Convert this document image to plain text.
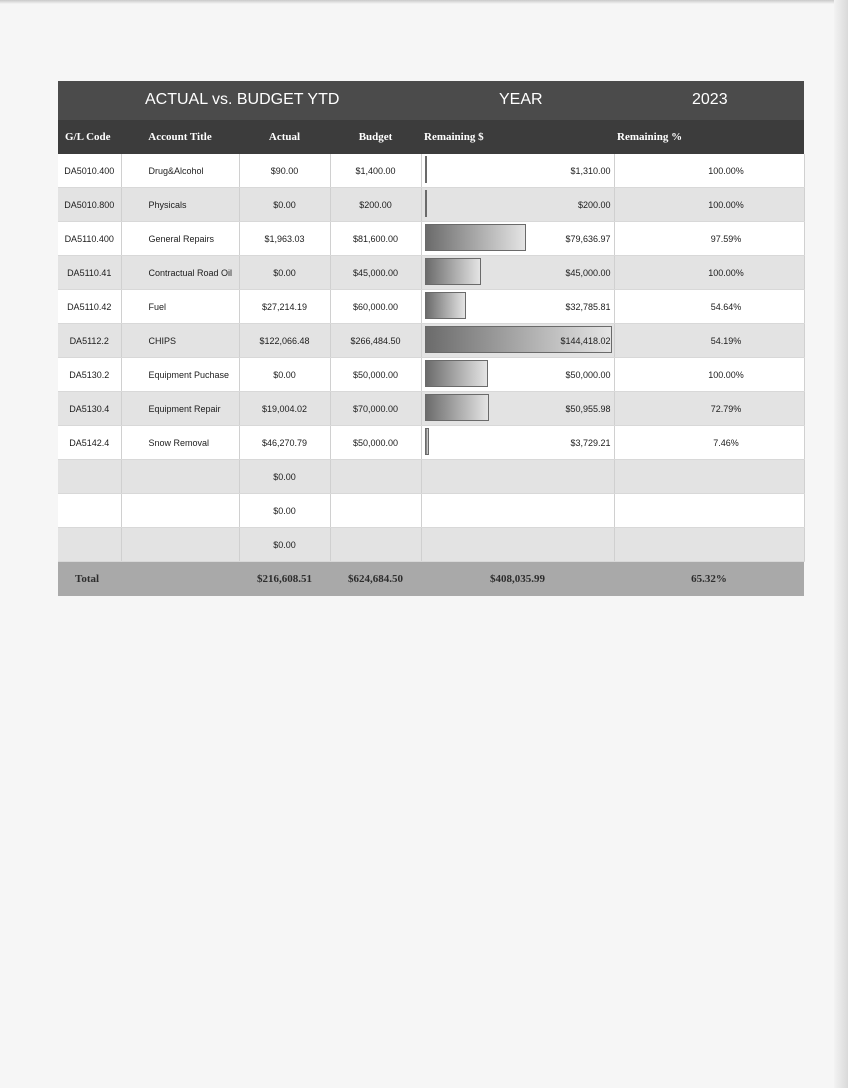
ACTUAL vs. BUDGET YTD	YEAR	2023
G/L Code	Account Title	Actual	Budget	Remaining $	Remaining %
DA5010.400	Drug&Alcohol	$90.00	$1,400.00	$1,310.00	100.00%
DA5010.800	Physicals	$0.00	$200.00	$200.00	100.00%
DA5110.400	General Repairs	$1,963.03	$81,600.00	$79,636.97	97.59%
DA5110.41	Contractual Road Oil	$0.00	$45,000.00	$45,000.00	100.00%
DA5110.42	Fuel	$27,214.19	$60,000.00	$32,785.81	54.64%
DA5112.2	CHIPS	$122,066.48	$266,484.50	$144,418.02	54.19%
DA5130.2	Equipment Puchase	$0.00	$50,000.00	$50,000.00	100.00%
DA5130.4	Equipment Repair	$19,004.02	$70,000.00	$50,955.98	72.79%
DA5142.4	Snow Removal	$46,270.79	$50,000.00	$3,729.21	7.46%
		$0.00			
		$0.00			
		$0.00			
Total		$216,608.51	$624,684.50	$408,035.99	65.32%
